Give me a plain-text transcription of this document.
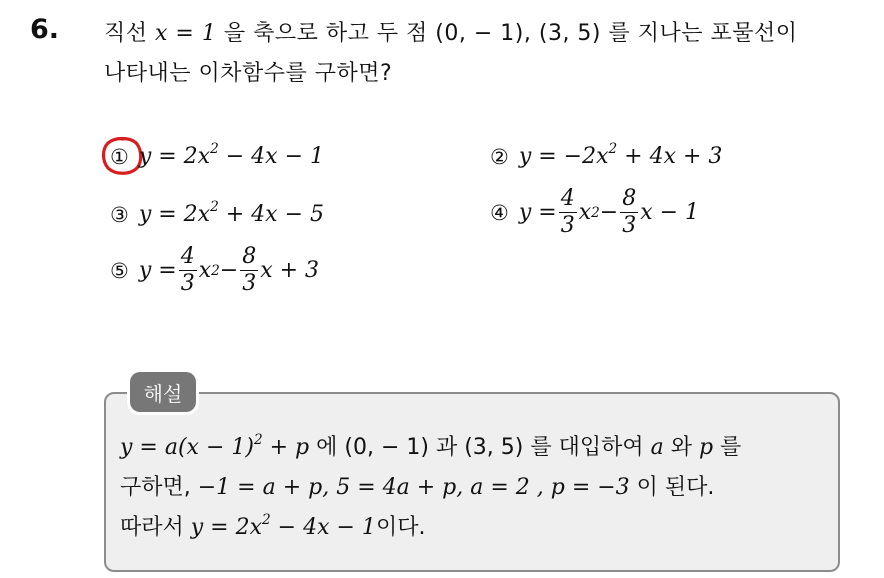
6. 직선 x = 1 을 축으로 하고 두 점 (0, − 1), (3, 5) 를 지나는 포물선이
나타내는 이차함수를 구하면?
① $y = 2x^2 - 4x - 1$	② $y = -2x^2 + 4x + 3$
③ $y = 2x^2 + 4x - 5$	④ $y = \frac{4}{3}$ x $2 - \frac{8}{3}$ x − 1
⑤ $y = \frac{4}{3}$ x $2 - \frac{8}{3}$ x + 3
해설
$y = a(x - 1)^2 + p$ 에 (0, − 1) 과 (3, 5) 를 대입하여 a 와 p 를
구하면, −1 = a + p, 5 = 4a + p, a = 2 , p = −3 이 된다.
따라서 $y = 2x^2 - 4x - 1$이다.
